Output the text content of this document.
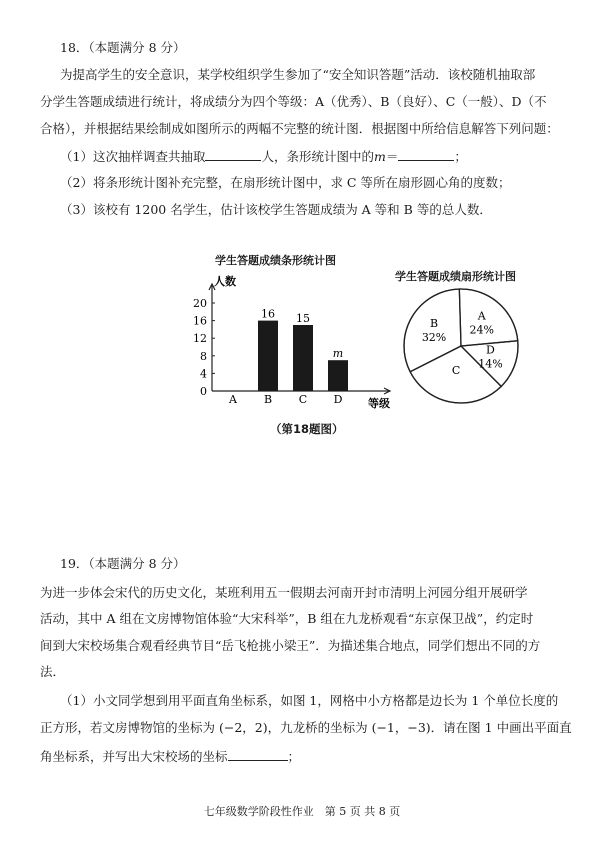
18．（本题满分 8 分）
为提高学生的安全意识，某学校组织学生参加了“安全知识答题”活动．该校随机抽取部
分学生答题成绩进行统计，将成绩分为四个等级：A（优秀）、B（良好）、C（一般）、D（不
合格），并根据结果绘制成如图所示的两幅不完整的统计图．根据图中所给信息解答下列问题：
（1）这次抽样调查共抽取	人，条形统计图中的m＝	；
（2）将条形统计图补充完整，在扇形统计图中，求 C 等所在扇形圆心角的度数；
（3）该校有 1200 名学生，估计该校学生答题成绩为 A 等和 B 等的总人数．
学生答题成绩条形统计图
学生答题成绩扇形统计图
人数
等级
0
4
8
12
16
20
A B
16
C
15
D
m
A
24%
D
14%
C
B
32%
（第18题图）
19．（本题满分 8 分）
为进一步体会宋代的历史文化，某班利用五一假期去河南开封市清明上河园分组开展研学
活动，其中 A 组在文房博物馆体验“大宋科举”，B 组在九龙桥观看“东京保卫战”，约定时
间到大宋校场集合观看经典节目“岳飞枪挑小梁王”．为描述集合地点，同学们想出不同的方
法．
（1）小文同学想到用平面直角坐标系，如图 1，网格中小方格都是边长为 1 个单位长度的
正方形，若文房博物馆的坐标为 (−2，2)，九龙桥的坐标为 (−1，−3)．请在图 1 中画出平面直
角坐标系，并写出大宋校场的坐标	；
七年级数学阶段性作业　第 5 页 共 8 页
